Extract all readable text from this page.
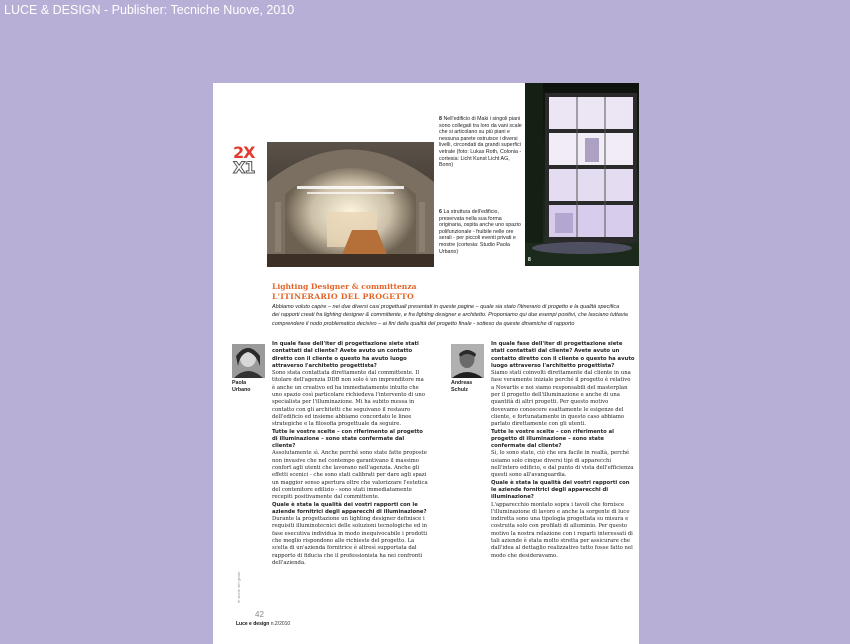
LUCE & DESIGN - Publisher: Tecniche Nuove, 2010
2X
X1
8 Nell'edificio di Maki i singoli piani sono collegati tra loro da vani scale che si articolano su più piani e nessuna parete ostruisce i diversi livelli, circondati da grandi superfici vetrate (foto: Lukas Roth, Colonia - cortesia: Licht Kunst Licht AG, Bonn)
6 La struttura dell'edificio, preservata nella sua forma originaria, ospita anche uno spazio polifunzionale - fruibile nelle ore serali - per piccoli eventi privati e mostre (cortesia: Studio Paola Urbano)
8
Lighting Designer & committenza
L'ITINERARIO DEL PROGETTO
Abbiamo voluto capire – nei due diversi casi progettuali presentati in queste pagine – quale sia stato l'itinerario di progetto e la qualità specifica dei rapporti creati fra lighting designer & committente, e fra lighting designer e architetto. Proponiamo qui due esempi positivi, che lasciano tuttavia comprendere il nodo problematico decisivo – ai fini della qualità del progetto finale - sotteso da queste dinamiche di rapporto
Paola
Urbano

In quale fase dell'iter di progettazione siete stati contattati dal cliente? Avete avuto un contatto diretto con il cliente o questo ha avuto luogo attraverso l'architetto progettista?

Sono stata contattata direttamente dal committente. Il titolare dell'agenzia DDB non solo è un imprenditore ma è anche un creativo ed ha immediatamente intuito che uno spazio così particolare richiedeva l'intervento di uno specialista per l'illuminazione. Mi ha subito messa in contatto con gli architetti che seguivano il restauro dell'edificio ed insieme abbiamo concordato le linee strategiche e la filosofia progettuale da seguire.

Tutte le vostre scelte – con riferimento al progetto di illuminazione – sono state confermate dal cliente?

Assolutamente sì. Anche perché sono state fatte proposte non invasive che nel contempo garantivano il massimo confort agli utenti che lavorano nell'agenzia. Anche gli effetti scenici - che sono stati calibrati per dare agli spazi un maggior senso apertura oltre che valorizzare l'estetica del contenitore edilizio - sono stati immediatamente recepiti positivamente dal committente.

Quale è stata la qualità dei vostri rapporti con le aziende fornitrici degli apparecchi di illuminazione?

Durante la progettazione un lighting designer definisce i requisiti illuminotecnici delle soluzioni tecnologiche ed in fase esecutiva individua in modo inequivocabile i prodotti che meglio rispondono alle richieste del progetto. La scelta di un'azienda fornitrice è altresì supportata dal rapporto di fiducia che il professionista ha nei confronti dell'azienda.

Andreas
Schulz

In quale fase dell'iter di progettazione siete stati contattati dal cliente? Avete avuto un contatto diretto con il cliente o questo ha avuto luogo attraverso l'architetto progettista?

Siamo stati coinvolti direttamente dal cliente in una fase veramente iniziale perché il progetto è relativo a Novartis e noi siamo responsabili del masterplan per il progetto dell'illuminazione e anche di una quantità di altri progetti. Per questo motivo dovevamo conoscere esattamente le esigenze del cliente, e fortunatamente in questo caso abbiamo parlato direttamente con gli utenti.

Tutte le vostre scelte – con riferimento al progetto di illuminazione – sono state confermate dal cliente?

Sì, lo sono state, ciò che era facile in realtà, perché usiamo solo cinque diversi tipi di apparecchi nell'intero edificio, e dal punto di vista dell'efficienza questi sono all'avanguardia.

Quale è stata la qualità dei vostri rapporti con le aziende fornitrici degli apparecchi di illuminazione?

L'apparecchio montato sopra i tavoli che fornisce l'illuminazione di lavoro e anche la sorgente di luce indiretta sono una tipologia progettata su misura e costruita solo con profilati di alluminio. Per questo motivo la nostra relazione con i reparti interessati di tali aziende è stata molto stretta per assicurare che dall'idea al dettaglio realizzativo tutto fosse fatto nel modo che desideravamo.

le storie del gesto
42
Luce e design n.2/2010
